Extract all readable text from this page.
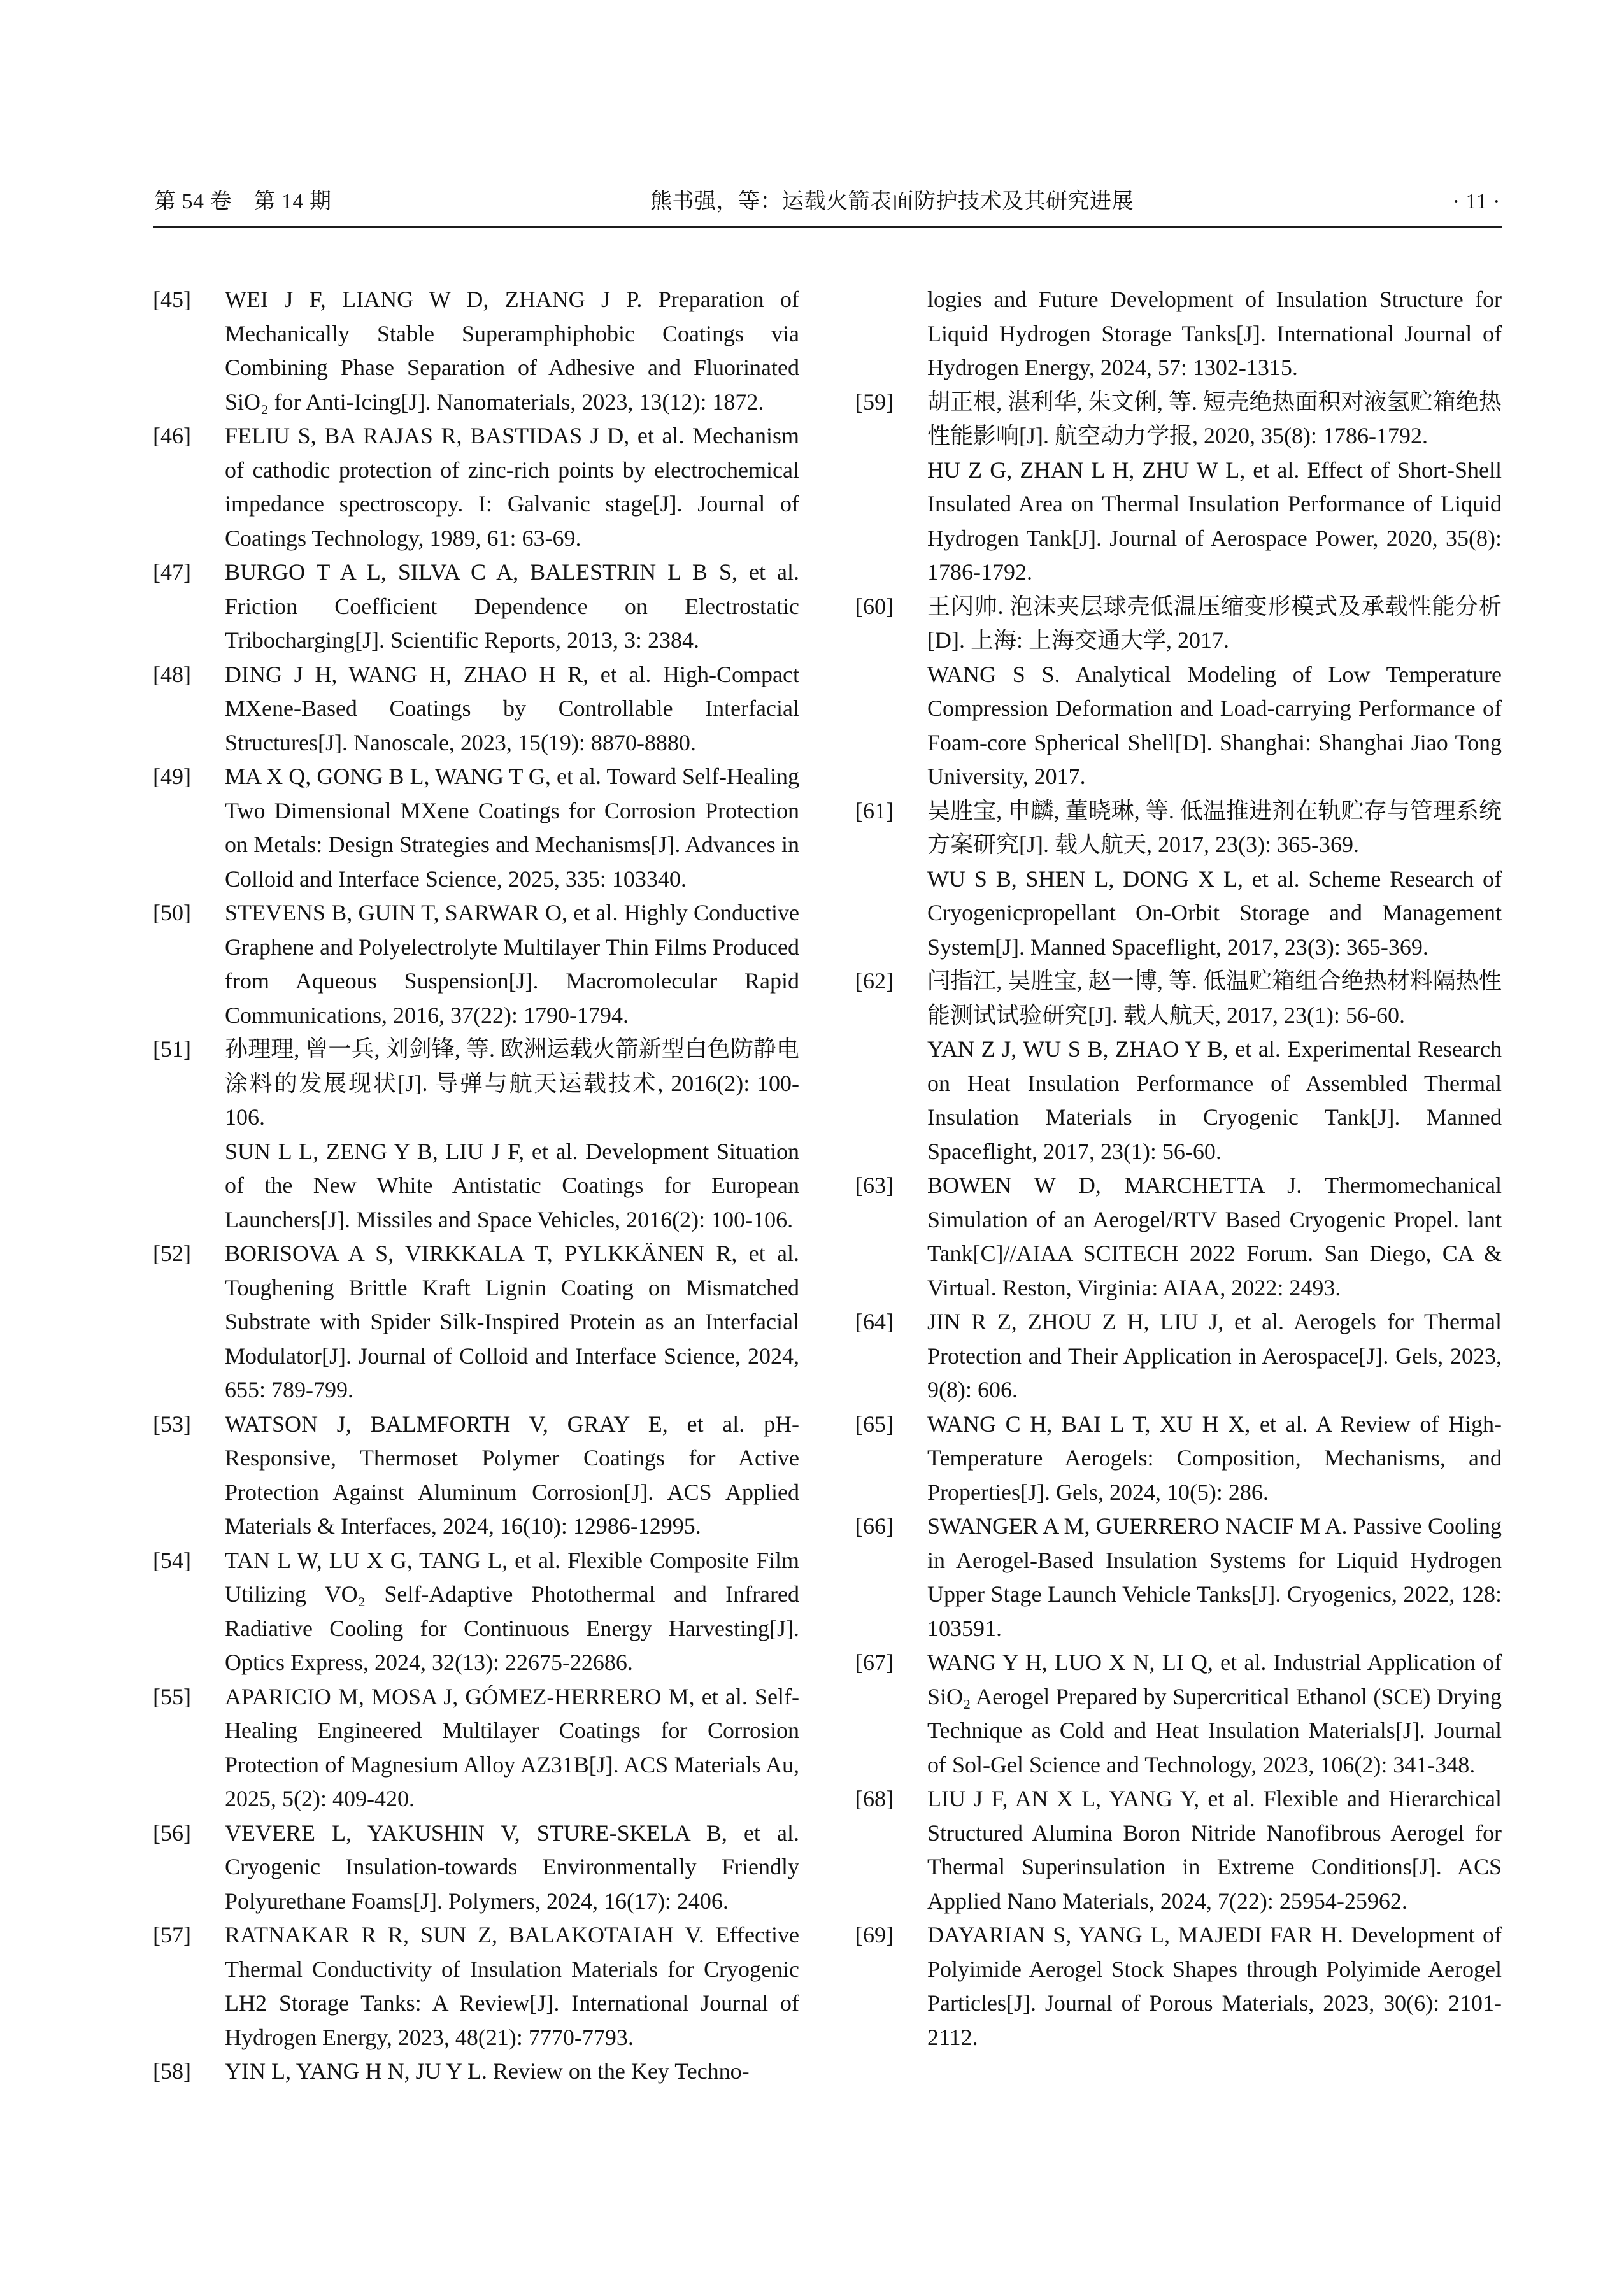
第 54 卷　第 14 期	熊书强，等：运载火箭表面防护技术及其研究进展	· 11 ·
[45]	WEI J F, LIANG W D, ZHANG J P. Preparation of Mechanically Stable Superamphiphobic Coatings via Combining Phase Separation of Adhesive and Fluorinated SiO₂ for Anti-Icing[J]. Nanomaterials, 2023, 13(12): 1872.

[46]	FELIU S, BA RAJAS R, BASTIDAS J D, et al. Mechanism of cathodic protection of zinc-rich points by electrochemical impedance spectroscopy. I: Galvanic stage[J]. Journal of Coatings Technology, 1989, 61: 63-69.

[47]	BURGO T A L, SILVA C A, BALESTRIN L B S, et al. Friction Coefficient Dependence on Electrostatic Tribocharging[J]. Scientific Reports, 2013, 3: 2384.

[48]	DING J H, WANG H, ZHAO H R, et al. High-Compact MXene-Based Coatings by Controllable Interfacial Structures[J]. Nanoscale, 2023, 15(19): 8870-8880.

[49]	MA X Q, GONG B L, WANG T G, et al. Toward Self-Healing Two Dimensional MXene Coatings for Corrosion Protection on Metals: Design Strategies and Mechanisms[J]. Advances in Colloid and Interface Science, 2025, 335: 103340.

[50]	STEVENS B, GUIN T, SARWAR O, et al. Highly Conductive Graphene and Polyelectrolyte Multilayer Thin Films Produced from Aqueous Suspension[J]. Macromolecular Rapid Communications, 2016, 37(22): 1790-1794.

[51]	孙理理, 曾一兵, 刘剑锋, 等. 欧洲运载火箭新型白色防静电涂料的发展现状[J]. 导弹与航天运载技术, 2016(2): 100-106.

SUN L L, ZENG Y B, LIU J F, et al. Development Situation of the New White Antistatic Coatings for European Launchers[J]. Missiles and Space Vehicles, 2016(2): 100-106.

[52]	BORISOVA A S, VIRKKALA T, PYLKKÄNEN R, et al. Toughening Brittle Kraft Lignin Coating on Mismatched Substrate with Spider Silk-Inspired Protein as an Interfacial Modulator[J]. Journal of Colloid and Interface Science, 2024, 655: 789-799.

[53]	WATSON J, BALMFORTH V, GRAY E, et al. pH-Responsive, Thermoset Polymer Coatings for Active Protection Against Aluminum Corrosion[J]. ACS Applied Materials & Interfaces, 2024, 16(10): 12986-12995.

[54]	TAN L W, LU X G, TANG L, et al. Flexible Composite Film Utilizing VO₂ Self-Adaptive Photothermal and Infrared Radiative Cooling for Continuous Energy Harvesting[J]. Optics Express, 2024, 32(13): 22675-22686.

[55]	APARICIO M, MOSA J, GÓMEZ-HERRERO M, et al. Self-Healing Engineered Multilayer Coatings for Corrosion Protection of Magnesium Alloy AZ31B[J]. ACS Materials Au, 2025, 5(2): 409-420.

[56]	VEVERE L, YAKUSHIN V, STURE-SKELA B, et al. Cryogenic Insulation-towards Environmentally Friendly Polyurethane Foams[J]. Polymers, 2024, 16(17): 2406.

[57]	RATNAKAR R R, SUN Z, BALAKOTAIAH V. Effective Thermal Conductivity of Insulation Materials for Cryogenic LH2 Storage Tanks: A Review[J]. International Journal of Hydrogen Energy, 2023, 48(21): 7770-7793.

[58]	YIN L, YANG H N, JU Y L. Review on the Key Techno-

logies and Future Development of Insulation Structure for Liquid Hydrogen Storage Tanks[J]. International Journal of Hydrogen Energy, 2024, 57: 1302-1315.

[59]	胡正根, 湛利华, 朱文俐, 等. 短壳绝热面积对液氢贮箱绝热性能影响[J]. 航空动力学报, 2020, 35(8): 1786-1792.

HU Z G, ZHAN L H, ZHU W L, et al. Effect of Short-Shell Insulated Area on Thermal Insulation Performance of Liquid Hydrogen Tank[J]. Journal of Aerospace Power, 2020, 35(8): 1786-1792.

[60]	王闪帅. 泡沫夹层球壳低温压缩变形模式及承载性能分析[D]. 上海: 上海交通大学, 2017.

WANG S S. Analytical Modeling of Low Temperature Compression Deformation and Load-carrying Performance of Foam-core Spherical Shell[D]. Shanghai: Shanghai Jiao Tong University, 2017.

[61]	吴胜宝, 申麟, 董晓琳, 等. 低温推进剂在轨贮存与管理系统方案研究[J]. 载人航天, 2017, 23(3): 365-369.

WU S B, SHEN L, DONG X L, et al. Scheme Research of Cryogenicpropellant On-Orbit Storage and Management System[J]. Manned Spaceflight, 2017, 23(3): 365-369.

[62]	闫指江, 吴胜宝, 赵一博, 等. 低温贮箱组合绝热材料隔热性能测试试验研究[J]. 载人航天, 2017, 23(1): 56-60.

YAN Z J, WU S B, ZHAO Y B, et al. Experimental Research on Heat Insulation Performance of Assembled Thermal Insulation Materials in Cryogenic Tank[J]. Manned Spaceflight, 2017, 23(1): 56-60.

[63]	BOWEN W D, MARCHETTA J. Thermomechanical Simulation of an Aerogel/RTV Based Cryogenic Propel. lant Tank[C]//AIAA SCITECH 2022 Forum. San Diego, CA & Virtual. Reston, Virginia: AIAA, 2022: 2493.

[64]	JIN R Z, ZHOU Z H, LIU J, et al. Aerogels for Thermal Protection and Their Application in Aerospace[J]. Gels, 2023, 9(8): 606.

[65]	WANG C H, BAI L T, XU H X, et al. A Review of High-Temperature Aerogels: Composition, Mechanisms, and Properties[J]. Gels, 2024, 10(5): 286.

[66]	SWANGER A M, GUERRERO NACIF M A. Passive Cooling in Aerogel-Based Insulation Systems for Liquid Hydrogen Upper Stage Launch Vehicle Tanks[J]. Cryogenics, 2022, 128: 103591.

[67]	WANG Y H, LUO X N, LI Q, et al. Industrial Application of SiO₂ Aerogel Prepared by Supercritical Ethanol (SCE) Drying Technique as Cold and Heat Insulation Materials[J]. Journal of Sol-Gel Science and Technology, 2023, 106(2): 341-348.

[68]	LIU J F, AN X L, YANG Y, et al. Flexible and Hierarchical Structured Alumina Boron Nitride Nanofibrous Aerogel for Thermal Superinsulation in Extreme Conditions[J]. ACS Applied Nano Materials, 2024, 7(22): 25954-25962.

[69]	DAYARIAN S, YANG L, MAJEDI FAR H. Development of Polyimide Aerogel Stock Shapes through Polyimide Aerogel Particles[J]. Journal of Porous Materials, 2023, 30(6): 2101-2112.
